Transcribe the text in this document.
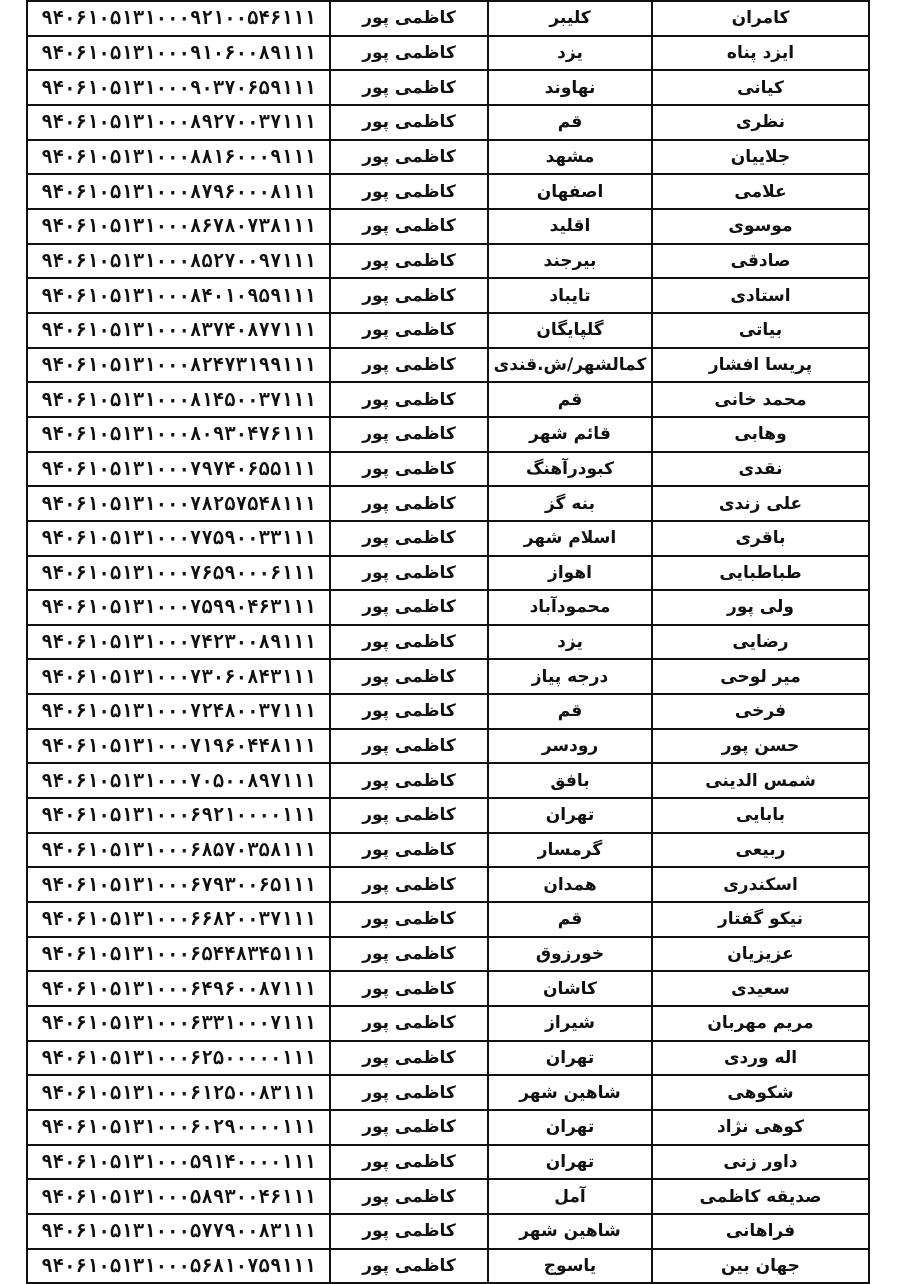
کامران	کلیبر	کاظمی پور	۹۴۰۶۱۰۵۱۳۱۰۰۰۹۲۱۰۰۵۴۶۱۱۱
ایزد پناه	یزد	کاظمی پور	۹۴۰۶۱۰۵۱۳۱۰۰۰۹۱۰۶۰۰۸۹۱۱۱
کیانی	نهاوند	کاظمی پور	۹۴۰۶۱۰۵۱۳۱۰۰۰۹۰۳۷۰۶۵۹۱۱۱
نظری	قم	کاظمی پور	۹۴۰۶۱۰۵۱۳۱۰۰۰۸۹۲۷۰۰۳۷۱۱۱
جلاییان	مشهد	کاظمی پور	۹۴۰۶۱۰۵۱۳۱۰۰۰۸۸۱۶۰۰۰۹۱۱۱
علامی	اصفهان	کاظمی پور	۹۴۰۶۱۰۵۱۳۱۰۰۰۸۷۹۶۰۰۰۸۱۱۱
موسوی	اقلید	کاظمی پور	۹۴۰۶۱۰۵۱۳۱۰۰۰۸۶۷۸۰۷۳۸۱۱۱
صادقی	بیرجند	کاظمی پور	۹۴۰۶۱۰۵۱۳۱۰۰۰۸۵۲۷۰۰۹۷۱۱۱
استادی	تایباد	کاظمی پور	۹۴۰۶۱۰۵۱۳۱۰۰۰۸۴۰۱۰۹۵۹۱۱۱
بیاتی	گلپایگان	کاظمی پور	۹۴۰۶۱۰۵۱۳۱۰۰۰۸۳۷۴۰۸۷۷۱۱۱
پریسا افشار	کمالشهر/ش.قندی	کاظمی پور	۹۴۰۶۱۰۵۱۳۱۰۰۰۸۲۴۷۳۱۹۹۱۱۱
محمد خانی	قم	کاظمی پور	۹۴۰۶۱۰۵۱۳۱۰۰۰۸۱۴۵۰۰۳۷۱۱۱
وهابی	قائم شهر	کاظمی پور	۹۴۰۶۱۰۵۱۳۱۰۰۰۸۰۹۳۰۴۷۶۱۱۱
نقدی	کبودرآهنگ	کاظمی پور	۹۴۰۶۱۰۵۱۳۱۰۰۰۷۹۷۴۰۶۵۵۱۱۱
علی زندی	بنه گز	کاظمی پور	۹۴۰۶۱۰۵۱۳۱۰۰۰۷۸۲۵۷۵۴۸۱۱۱
باقری	اسلام شهر	کاظمی پور	۹۴۰۶۱۰۵۱۳۱۰۰۰۷۷۵۹۰۰۳۳۱۱۱
طباطبایی	اهواز	کاظمی پور	۹۴۰۶۱۰۵۱۳۱۰۰۰۷۶۵۹۰۰۰۶۱۱۱
ولی پور	محمودآباد	کاظمی پور	۹۴۰۶۱۰۵۱۳۱۰۰۰۷۵۹۹۰۴۶۳۱۱۱
رضایی	یزد	کاظمی پور	۹۴۰۶۱۰۵۱۳۱۰۰۰۷۴۲۳۰۰۸۹۱۱۱
میر لوحی	درجه پیاز	کاظمی پور	۹۴۰۶۱۰۵۱۳۱۰۰۰۷۳۰۶۰۸۴۳۱۱۱
فرخی	قم	کاظمی پور	۹۴۰۶۱۰۵۱۳۱۰۰۰۷۲۴۸۰۰۳۷۱۱۱
حسن پور	رودسر	کاظمی پور	۹۴۰۶۱۰۵۱۳۱۰۰۰۷۱۹۶۰۴۴۸۱۱۱
شمس الدینی	بافق	کاظمی پور	۹۴۰۶۱۰۵۱۳۱۰۰۰۷۰۵۰۰۸۹۷۱۱۱
بابایی	تهران	کاظمی پور	۹۴۰۶۱۰۵۱۳۱۰۰۰۶۹۲۱۰۰۰۰۱۱۱
ربیعی	گرمسار	کاظمی پور	۹۴۰۶۱۰۵۱۳۱۰۰۰۶۸۵۷۰۳۵۸۱۱۱
اسکندری	همدان	کاظمی پور	۹۴۰۶۱۰۵۱۳۱۰۰۰۶۷۹۳۰۰۶۵۱۱۱
نیکو گفتار	قم	کاظمی پور	۹۴۰۶۱۰۵۱۳۱۰۰۰۶۶۸۲۰۰۳۷۱۱۱
عزیزیان	خورزوق	کاظمی پور	۹۴۰۶۱۰۵۱۳۱۰۰۰۶۵۴۴۸۳۴۵۱۱۱
سعیدی	کاشان	کاظمی پور	۹۴۰۶۱۰۵۱۳۱۰۰۰۶۴۹۶۰۰۸۷۱۱۱
مریم مهربان	شیراز	کاظمی پور	۹۴۰۶۱۰۵۱۳۱۰۰۰۶۳۳۱۰۰۰۷۱۱۱
اله وردی	تهران	کاظمی پور	۹۴۰۶۱۰۵۱۳۱۰۰۰۶۲۵۰۰۰۰۰۱۱۱
شکوهی	شاهین شهر	کاظمی پور	۹۴۰۶۱۰۵۱۳۱۰۰۰۶۱۲۵۰۰۸۳۱۱۱
کوهی نژاد	تهران	کاظمی پور	۹۴۰۶۱۰۵۱۳۱۰۰۰۶۰۲۹۰۰۰۰۱۱۱
داور زنی	تهران	کاظمی پور	۹۴۰۶۱۰۵۱۳۱۰۰۰۵۹۱۴۰۰۰۰۱۱۱
صدیقه کاظمی	آمل	کاظمی پور	۹۴۰۶۱۰۵۱۳۱۰۰۰۵۸۹۳۰۰۴۶۱۱۱
فراهانی	شاهین شهر	کاظمی پور	۹۴۰۶۱۰۵۱۳۱۰۰۰۵۷۷۹۰۰۸۳۱۱۱
جهان بین	یاسوج	کاظمی پور	۹۴۰۶۱۰۵۱۳۱۰۰۰۵۶۸۱۰۷۵۹۱۱۱
